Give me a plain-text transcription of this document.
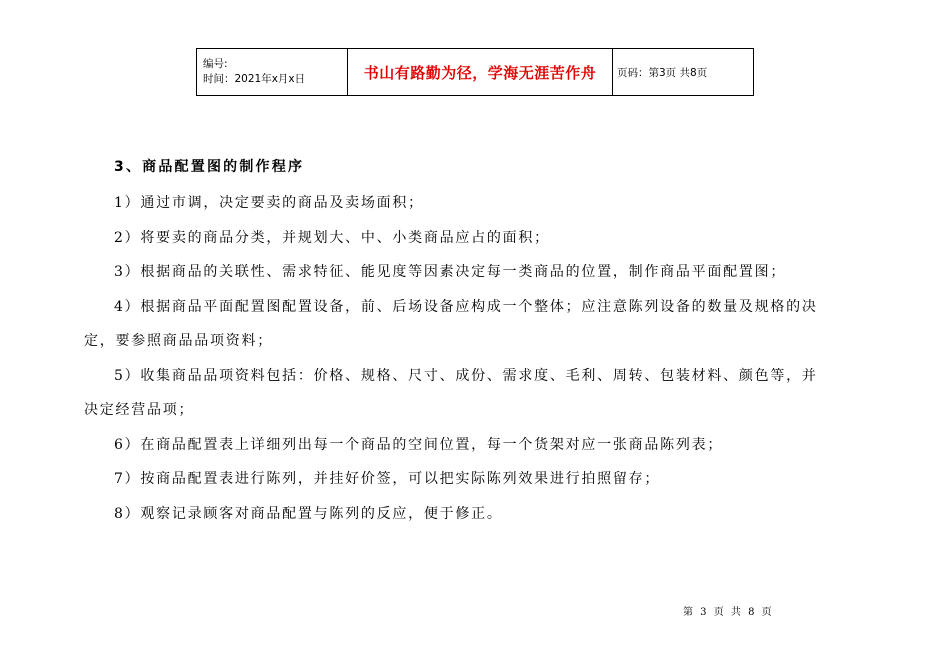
编号:
时间：2021年x月x日	书山有路勤为径，学海无涯苦作舟	页码：第3页 共8页
3、商品配置图的制作程序
1）通过市调，决定要卖的商品及卖场面积；
2）将要卖的商品分类，并规划大、中、小类商品应占的面积；
3）根据商品的关联性、需求特征、能见度等因素决定每一类商品的位置，制作商品平面配置图；
4）根据商品平面配置图配置设备，前、后场设备应构成一个整体；应注意陈列设备的数量及规格的决
定，要参照商品品项资料；
5）收集商品品项资料包括：价格、规格、尺寸、成份、需求度、毛利、周转、包装材料、颜色等，并
决定经营品项；
6）在商品配置表上详细列出每一个商品的空间位置，每一个货架对应一张商品陈列表；
7）按商品配置表进行陈列，并挂好价签，可以把实际陈列效果进行拍照留存；
8）观察记录顾客对商品配置与陈列的反应，便于修正。
第 3 页 共 8 页
